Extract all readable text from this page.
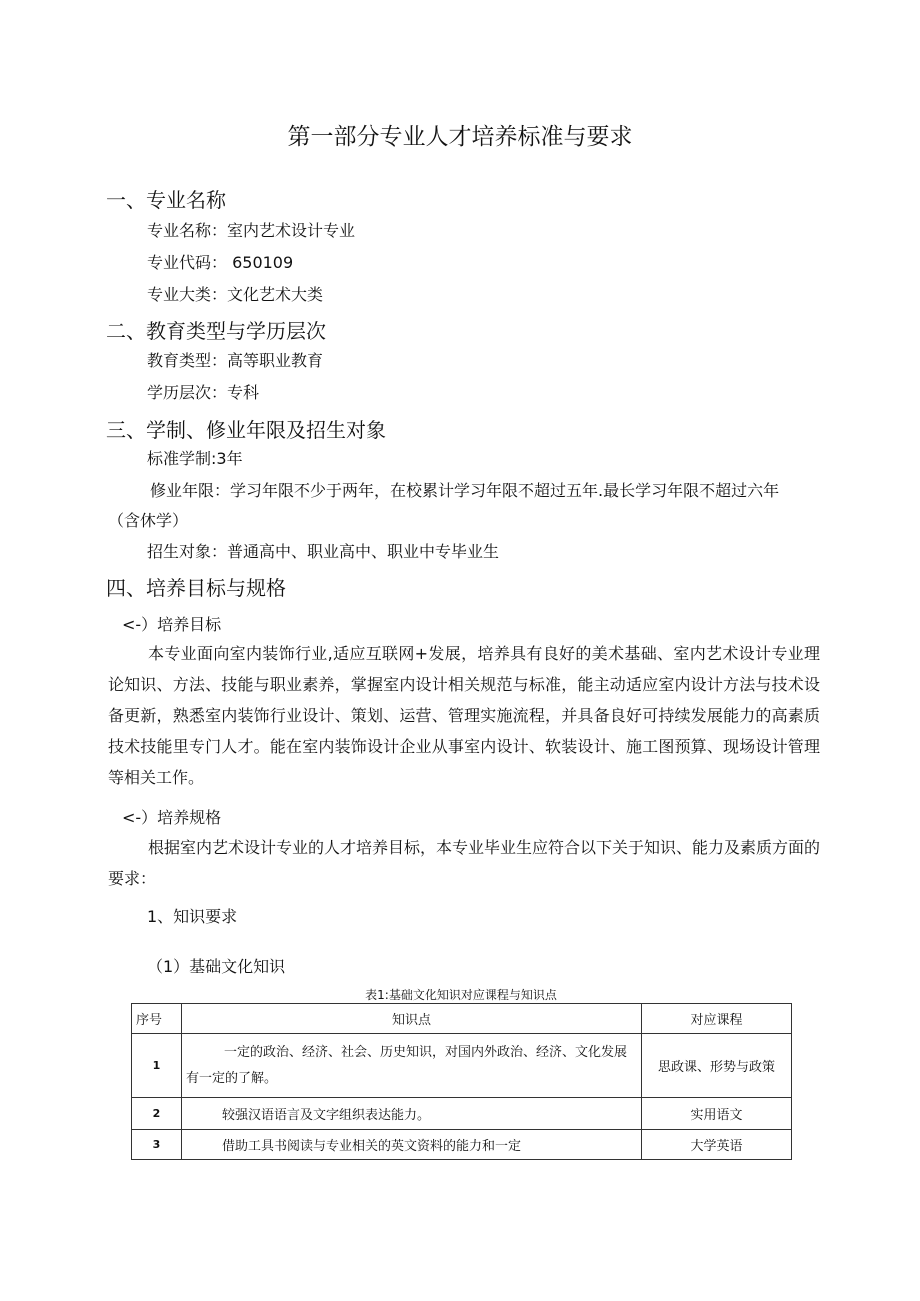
第一部分专业人才培养标准与要求
一、专业名称
专业名称：室内艺术设计专业
专业代码： 650109
专业大类：文化艺术大类
二、教育类型与学历层次
教育类型：高等职业教育
学历层次：专科
三、学制、修业年限及招生对象
标准学制:3年
修业年限：学习年限不少于两年，在校累计学习年限不超过五年.最长学习年限不超过六年
（含休学）
招生对象：普通高中、职业高中、职业中专毕业生
四、培养目标与规格
<-）培养目标

本专业面向室内装饰行业,适应互联网+发展，培养具有良好的美术基础、室内艺术设计专业理论知识、方法、技能与职业素养，掌握室内设计相关规范与标准，能主动适应室内设计方法与技术设备更新，熟悉室内装饰行业设计、策划、运营、管理实施流程，并具备良好可持续发展能力的高素质技术技能里专门人才。能在室内装饰设计企业从事室内设计、软装设计、施工图预算、现场设计管理等相关工作。

<-）培养规格

根据室内艺术设计专业的人才培养目标，本专业毕业生应符合以下关于知识、能力及素质方面的要求：

1、知识要求
（1）基础文化知识
表1:基础文化知识对应课程与知识点
序号	知识点	对应课程
1	一定的政治、经济、社会、历史知识，对国内外政治、经济、文化发展有一定的了解。	思政课、形势与政策
2	较强汉语语言及文字组织表达能力。	实用语文
3	借助工具书阅读与专业相关的英文资料的能力和一定	大学英语
